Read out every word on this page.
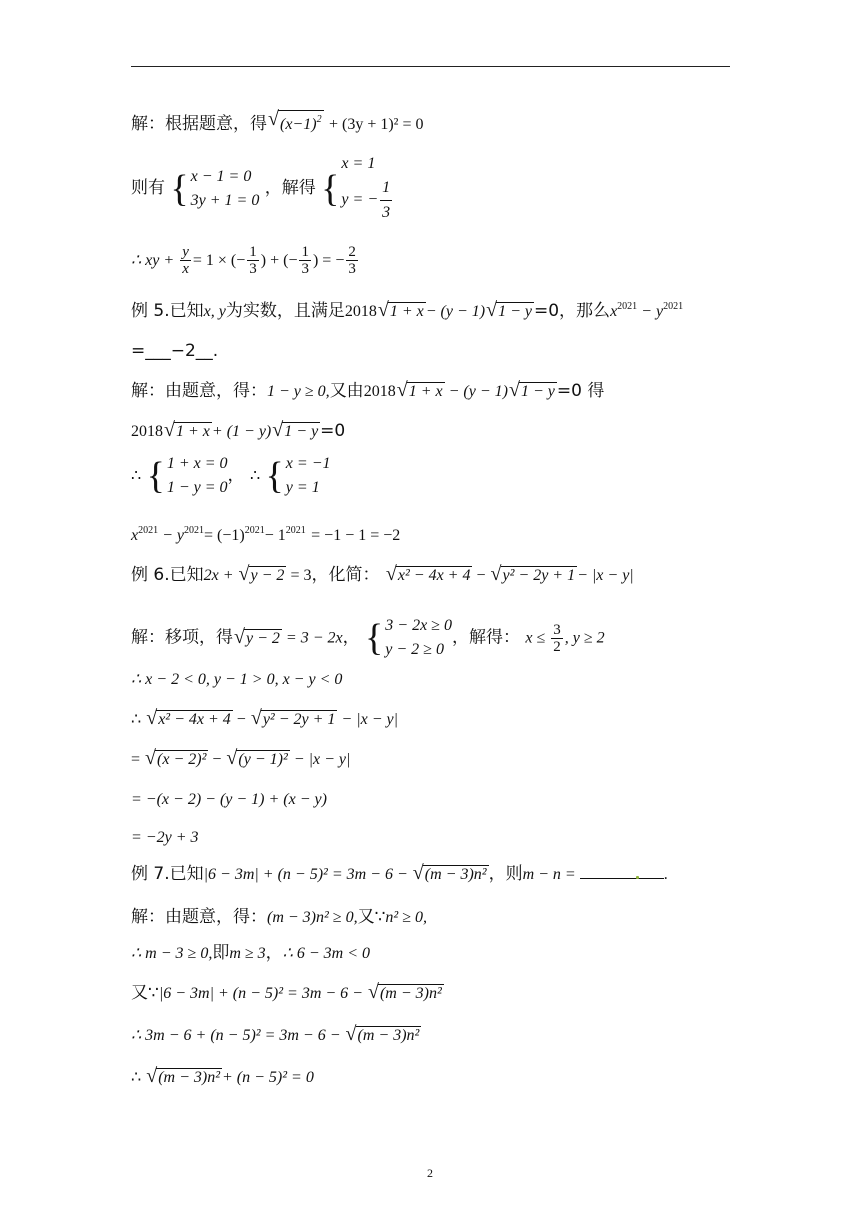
解：根据题意，得 √ $(x-1)^2 + (3y + 1)^2 = 0$
则有 { x − 1 = 0
3y + 1 = 0
，解得 {
x = 1
y = − $\frac{1}{3}$
∴ xy + $\frac{y}{x} = 1$ × (− $\frac{1}{3}$ ) + (− $\frac{1}{3}$ ) = − $\frac{2}{3}$
例 5.已知x, y为实数，且满足2018 √ 1 + x − (y − 1) √ 1 − y =0，那么$x^{2021} - y^{2021}$
=___−2__.
解：由题意，得：1 − y ≥ 0,又由2018 √ 1 + x − (y − 1) √ 1 − y =0 得
2018 √ 1 + x + (1 − y) √ 1 − y =0
∴ { 1 + x = 0
1 − y = 0
， ∴ { x = −1
y = 1
$x^{2021} - y^{2021}= (-1)^{2021}- 1^{2021} = -1 - 1 = -2$
例 6.已知2x + √ y − 2 = 3，化简： √ x² − 4x + 4 − √ y² − 2y + 1 − |x − y|
解：移项，得 √ y − 2 = 3 − 2x， { 3 − 2x ≥ 0
y − 2 ≥ 0
，解得： $x \le \frac{3}{2}$ , y ≥ 2
∴ x − 2 < 0, y − 1 > 0, x − y < 0
∴ √ x² − 4x + 4 − √ y² − 2y + 1 − |x − y|
= √ (x − 2)² − √ (y − 1)² − |x − y|
= −(x − 2) − (y − 1) + (x − y)
= −2y + 3
例 7.已知|6 − 3m| + (n − 5)² = 3m − 6 − √ (m − 3)n² ，则m − n =	.
解：由题意，得：(m − 3)n² ≥ 0,又∵n² ≥ 0,
∴ m − 3 ≥ 0,即m ≥ 3，∴ 6 − 3m < 0
又∵|6 − 3m| + (n − 5)² = 3m − 6 − √ (m − 3)n²
∴ 3m − 6 + (n − 5)² = 3m − 6 − √ (m − 3)n²
∴ √ (m − 3)n² + (n − 5)² = 0
2
